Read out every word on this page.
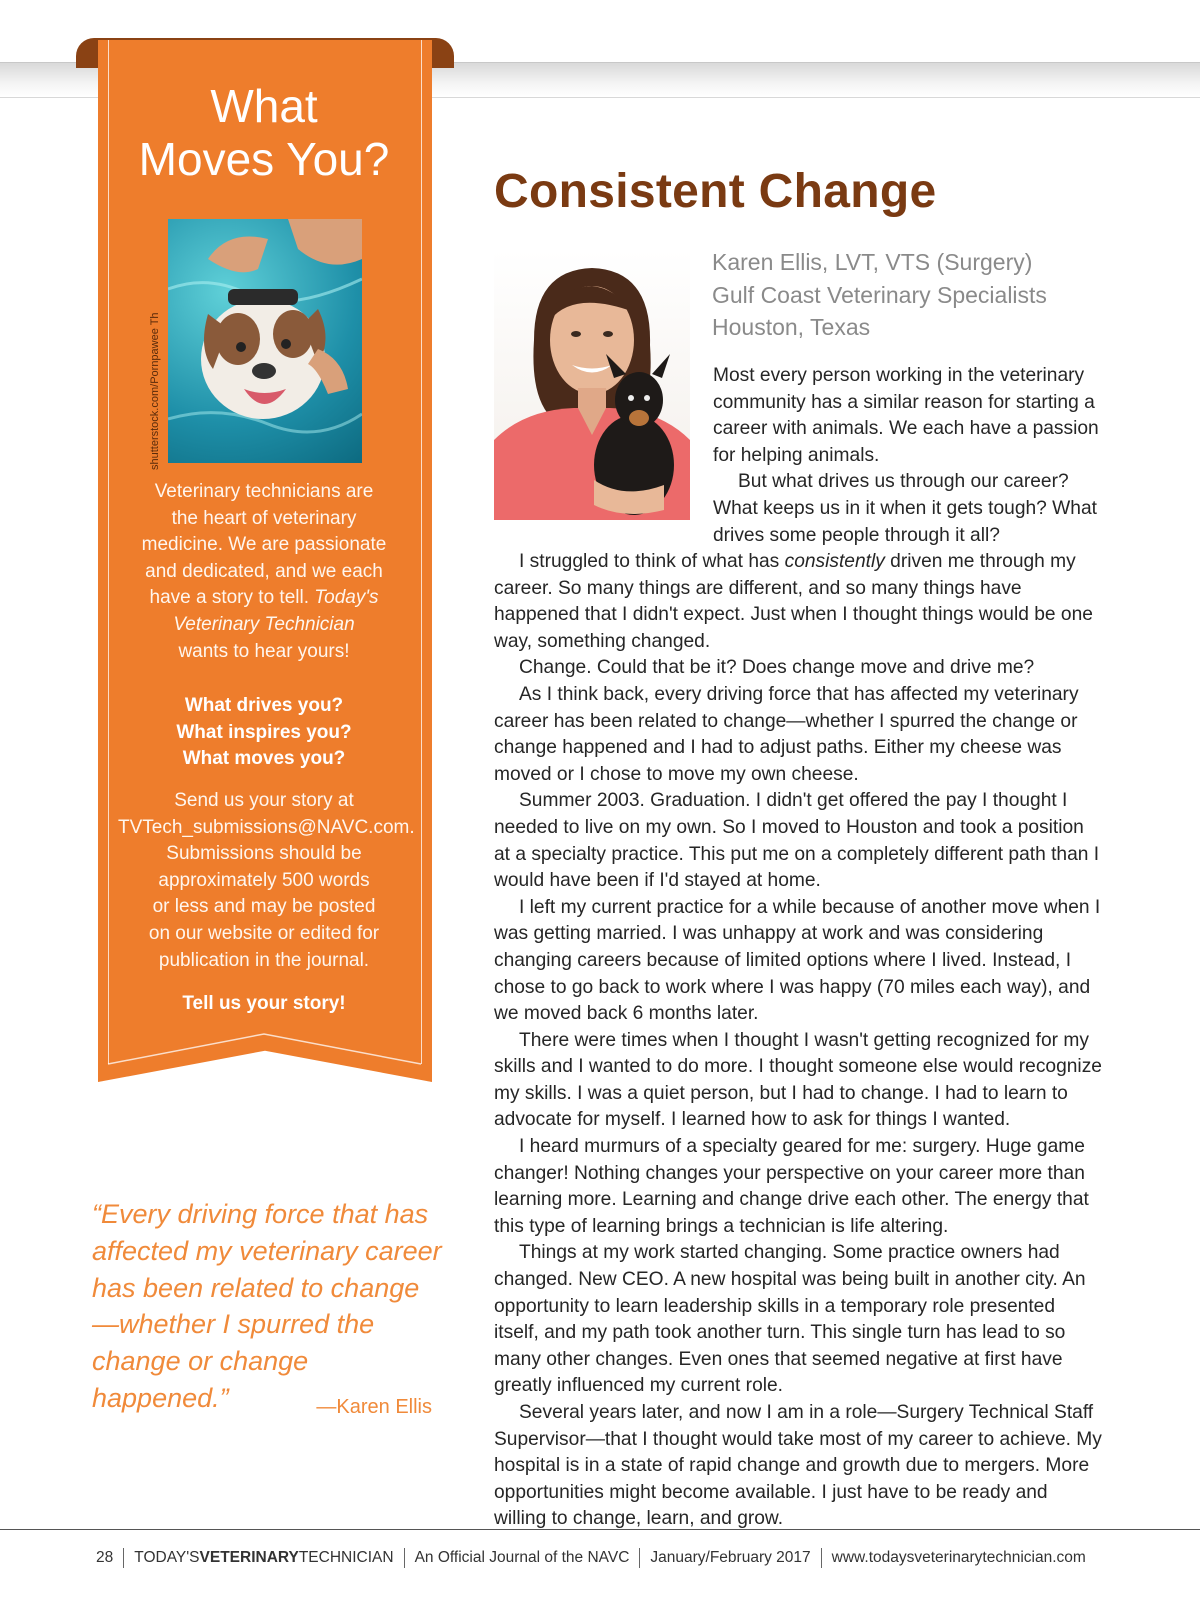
What
Moves You?
shutterstock.com/Pornpawee Th

Veterinary technicians are
the heart of veterinary
medicine. We are passionate
and dedicated, and we each
have a story to tell. Today's
Veterinary Technician
wants to hear yours!

What drives you?
What inspires you?
What moves you?

Send us your story at
TVTech_submissions@NAVC.com.
Submissions should be
approximately 500 words
or less and may be posted
on our website or edited for
publication in the journal.

Tell us your story!

Consistent Change
Karen Ellis, LVT, VTS (Surgery)
Gulf Coast Veterinary Specialists
Houston, Texas

Most every person working in the veterinary community has a similar reason for starting a career with animals. We each have a passion for helping animals.

But what drives us through our career? What keeps us in it when it gets tough? What drives some people through it all?

I struggled to think of what has consistently driven me through my career. So many things are different, and so many things have happened that I didn't expect. Just when I thought things would be one way, something changed.

Change. Could that be it? Does change move and drive me?

As I think back, every driving force that has affected my veterinary career has been related to change—whether I spurred the change or change happened and I had to adjust paths. Either my cheese was moved or I chose to move my own cheese.

Summer 2003. Graduation. I didn't get offered the pay I thought I needed to live on my own. So I moved to Houston and took a position at a specialty practice. This put me on a completely different path than I would have been if I'd stayed at home.

I left my current practice for a while because of another move when I was getting married. I was unhappy at work and was considering changing careers because of limited options where I lived. Instead, I chose to go back to work where I was happy (70 miles each way), and we moved back 6 months later.

There were times when I thought I wasn't getting recognized for my skills and I wanted to do more. I thought someone else would recognize my skills. I was a quiet person, but I had to change. I had to learn to advocate for myself. I learned how to ask for things I wanted.

I heard murmurs of a specialty geared for me: surgery. Huge game changer! Nothing changes your perspective on your career more than learning more. Learning and change drive each other. The energy that this type of learning brings a technician is life altering.

Things at my work started changing. Some practice owners had changed. New CEO. A new hospital was being built in another city. An opportunity to learn leadership skills in a temporary role presented itself, and my path took another turn. This single turn has lead to so many other changes. Even ones that seemed negative at first have greatly influenced my current role.

Several years later, and now I am in a role—Surgery Technical Staff Supervisor—that I thought would take most of my career to achieve. My hospital is in a state of rapid change and growth due to mergers. More opportunities might become available. I just have to be ready and willing to change, learn, and grow.

“Every driving force that has affected my veterinary career has been related to change—whether I spurred the change or change happened.”	—Karen Ellis
28 TODAY'SVETERINARYTECHNICIAN An Official Journal of the NAVC January/February 2017 www.todaysveterinarytechnician.com
